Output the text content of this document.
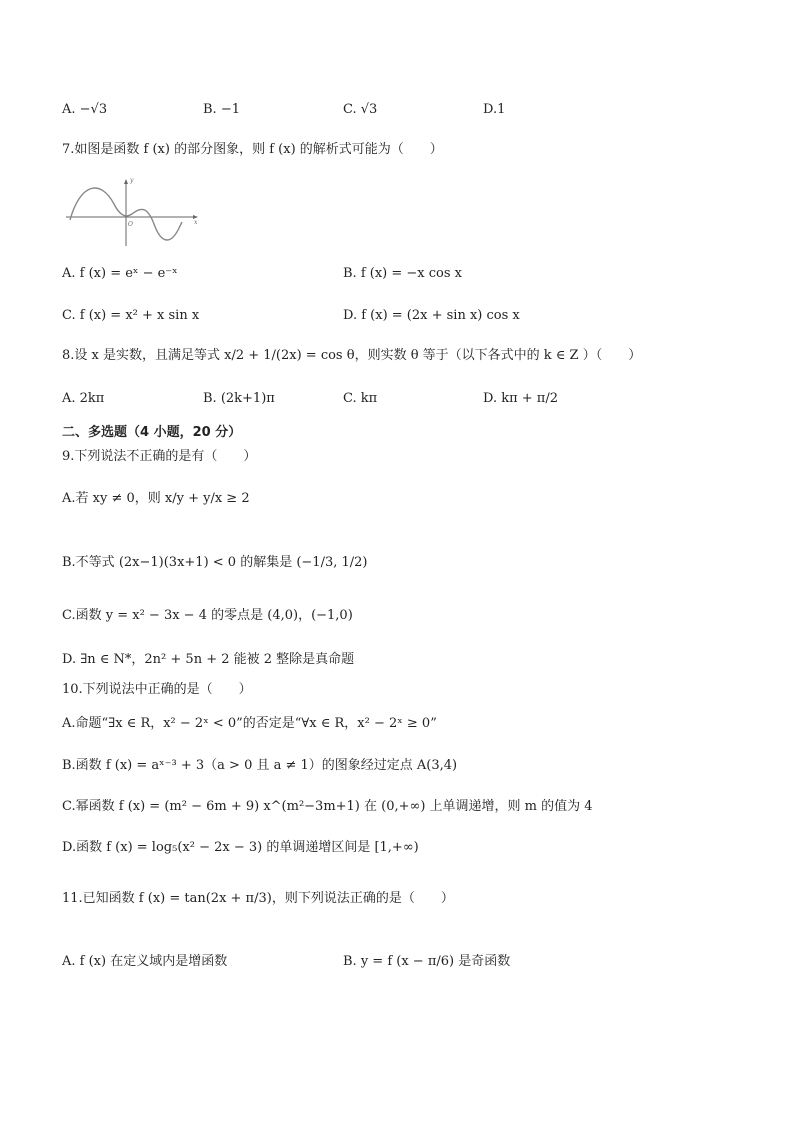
A. −√3	B. −1	C. √3	D.1
7.如图是函数 f (x) 的部分图象，则 f (x) 的解析式可能为（　　）
y
O	x
A. f (x) = eˣ − e⁻ˣ	B. f (x) = −x cos x
C. f (x) = x² + x sin x	D. f (x) = (2x + sin x) cos x
8.设 x 是实数，且满足等式 x/2 + 1/(2x) = cos θ，则实数 θ 等于（以下各式中的 k ∈ Z ）（　　）
A. 2kπ	B. (2k+1)π	C. kπ	D. kπ + π/2
二、多选题（4 小题，20 分）
9.下列说法不正确的是有（　　）
A.若 xy ≠ 0，则 x/y + y/x ≥ 2
B.不等式 (2x−1)(3x+1) < 0 的解集是 (−1/3, 1/2)
C.函数 y = x² − 3x − 4 的零点是 (4,0)，(−1,0)
D. ∃n ∈ N*，2n² + 5n + 2 能被 2 整除是真命题
10.下列说法中正确的是（　　）
A.命题“∃x ∈ R，x² − 2ˣ < 0”的否定是“∀x ∈ R，x² − 2ˣ ≥ 0”
B.函数 f (x) = aˣ⁻³ + 3（a > 0 且 a ≠ 1）的图象经过定点 A(3,4)
C.幂函数 f (x) = (m² − 6m + 9) x^(m²−3m+1) 在 (0,+∞) 上单调递增，则 m 的值为 4
D.函数 f (x) = log₅(x² − 2x − 3) 的单调递增区间是 [1,+∞)
11.已知函数 f (x) = tan(2x + π/3)，则下列说法正确的是（　　）
A. f (x) 在定义域内是增函数	B. y = f (x − π/6) 是奇函数
